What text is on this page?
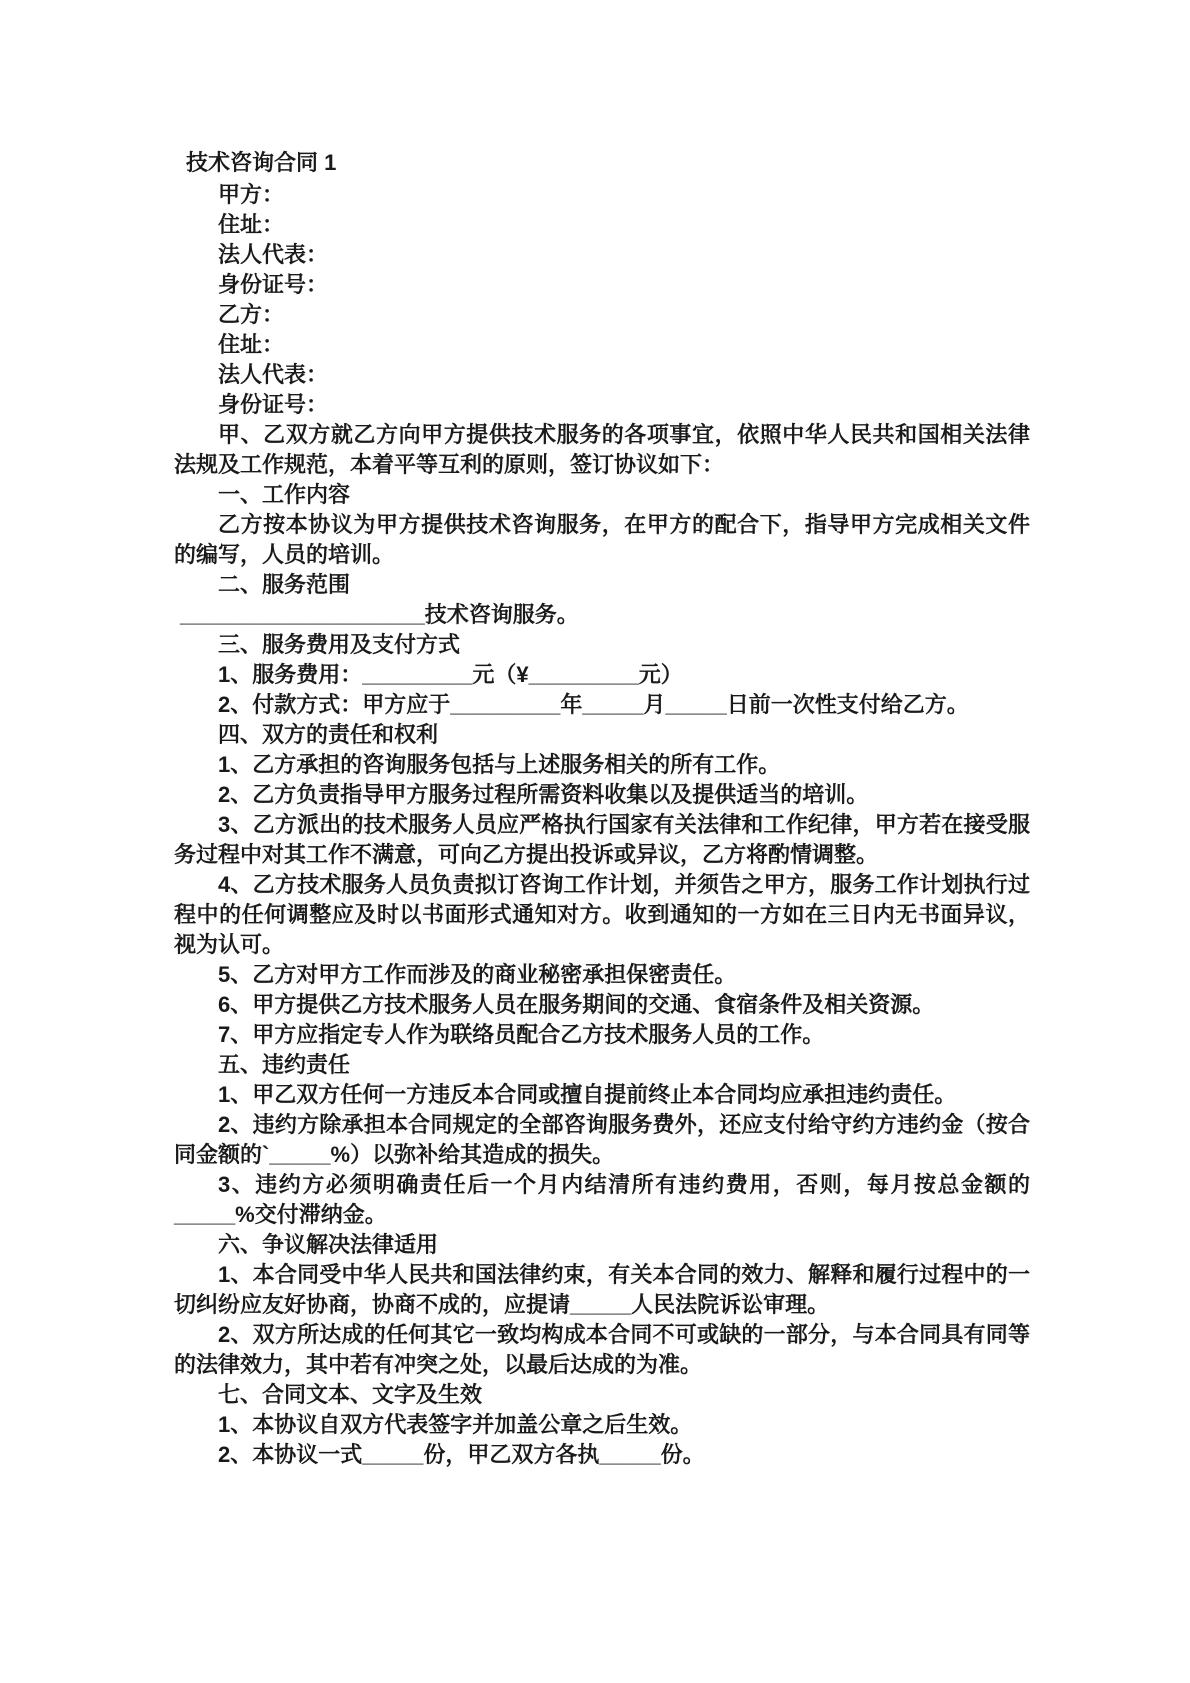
技术咨询合同 1

甲方：

住址：

法人代表：

身份证号：

乙方：

住址：

法人代表：

身份证号：

甲、乙双方就乙方向甲方提供技术服务的各项事宜，依照中华人民共和国相关法律法规及工作规范，本着平等互利的原则，签订协议如下：

一、工作内容

乙方按本协议为甲方提供技术咨询服务，在甲方的配合下，指导甲方完成相关文件的编写，人员的培训。

二、服务范围

____________________技术咨询服务。

三、服务费用及支付方式

1、服务费用：_________元（¥_________元）

2、付款方式：甲方应于_________年_____月_____日前一次性支付给乙方。

四、双方的责任和权利

1、乙方承担的咨询服务包括与上述服务相关的所有工作。

2、乙方负责指导甲方服务过程所需资料收集以及提供适当的培训。

3、乙方派出的技术服务人员应严格执行国家有关法律和工作纪律，甲方若在接受服务过程中对其工作不满意，可向乙方提出投诉或异议，乙方将酌情调整。

4、乙方技术服务人员负责拟订咨询工作计划，并须告之甲方，服务工作计划执行过程中的任何调整应及时以书面形式通知对方。收到通知的一方如在三日内无书面异议，视为认可。

5、乙方对甲方工作而涉及的商业秘密承担保密责任。

6、甲方提供乙方技术服务人员在服务期间的交通、食宿条件及相关资源。

7、甲方应指定专人作为联络员配合乙方技术服务人员的工作。

五、违约责任

1、甲乙双方任何一方违反本合同或擅自提前终止本合同均应承担违约责任。

2、违约方除承担本合同规定的全部咨询服务费外，还应支付给守约方违约金（按合同金额的`_____%）以弥补给其造成的损失。

3、违约方必须明确责任后一个月内结清所有违约费用，否则，每月按总金额的_____%交付滞纳金。

六、争议解决法律适用

1、本合同受中华人民共和国法律约束，有关本合同的效力、解释和履行过程中的一切纠纷应友好协商，协商不成的，应提请_____人民法院诉讼审理。

2、双方所达成的任何其它一致均构成本合同不可或缺的一部分，与本合同具有同等的法律效力，其中若有冲突之处，以最后达成的为准。

七、合同文本、文字及生效

1、本协议自双方代表签字并加盖公章之后生效。

2、本协议一式_____份，甲乙双方各执_____份。
